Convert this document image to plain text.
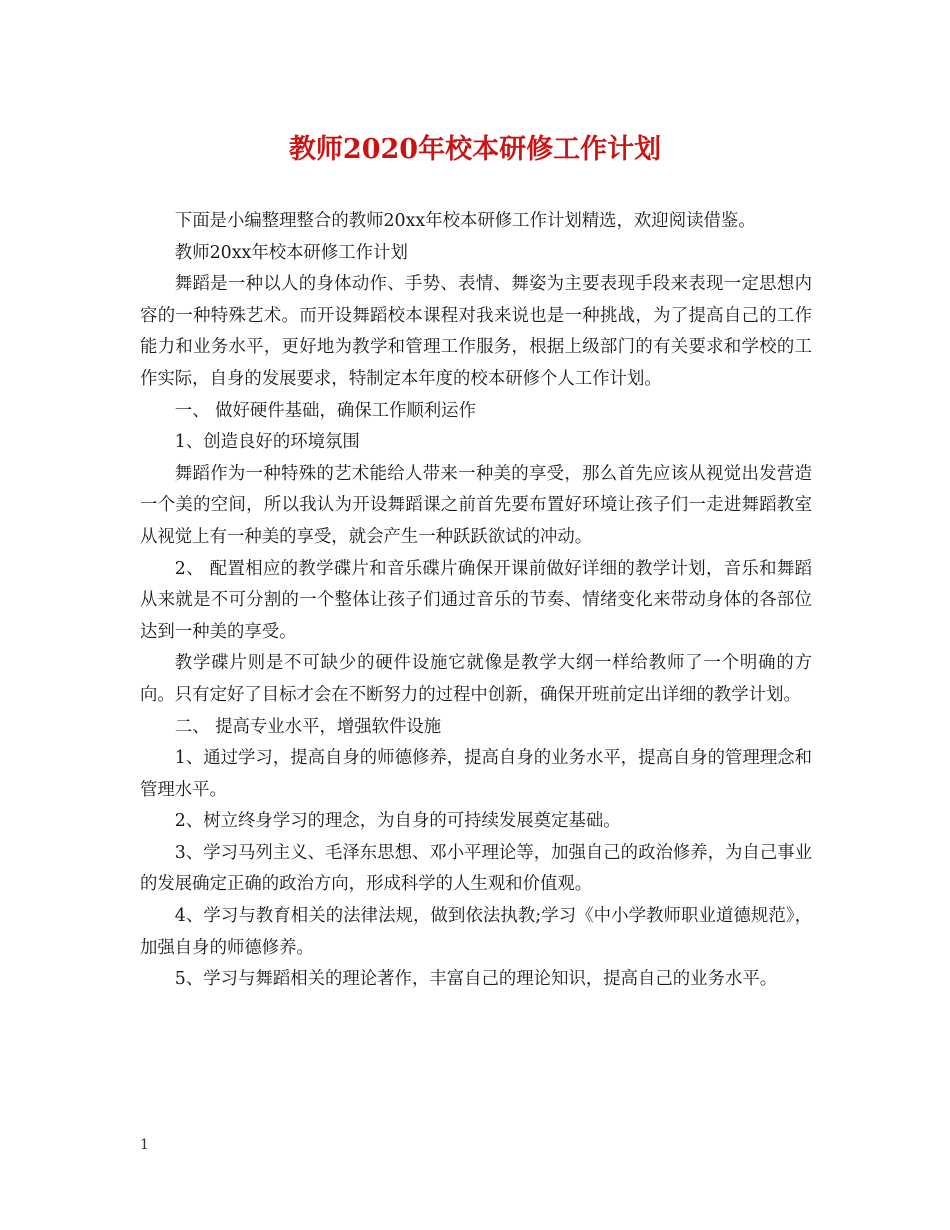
教师2020年校本研修工作计划

下面是小编整理整合的教师20xx年校本研修工作计划精选，欢迎阅读借鉴。

教师20xx年校本研修工作计划

舞蹈是一种以人的身体动作、手势、表情、舞姿为主要表现手段来表现一定思想内容的一种特殊艺术。而开设舞蹈校本课程对我来说也是一种挑战，为了提高自己的工作能力和业务水平，更好地为教学和管理工作服务，根据上级部门的有关要求和学校的工作实际，自身的发展要求，特制定本年度的校本研修个人工作计划。

一、 做好硬件基础，确保工作顺利运作

1、创造良好的环境氛围

舞蹈作为一种特殊的艺术能给人带来一种美的享受，那么首先应该从视觉出发营造一个美的空间，所以我认为开设舞蹈课之前首先要布置好环境让孩子们一走进舞蹈教室从视觉上有一种美的享受，就会产生一种跃跃欲试的冲动。

2、 配置相应的教学碟片和音乐碟片确保开课前做好详细的教学计划，音乐和舞蹈从来就是不可分割的一个整体让孩子们通过音乐的节奏、情绪变化来带动身体的各部位达到一种美的享受。

教学碟片则是不可缺少的硬件设施它就像是教学大纲一样给教师了一个明确的方向。只有定好了目标才会在不断努力的过程中创新，确保开班前定出详细的教学计划。

二、 提高专业水平，增强软件设施

1、通过学习，提高自身的师德修养，提高自身的业务水平，提高自身的管理理念和管理水平。

2、树立终身学习的理念，为自身的可持续发展奠定基础。

3、学习马列主义、毛泽东思想、邓小平理论等，加强自己的政治修养，为自己事业的发展确定正确的政治方向，形成科学的人生观和价值观。

4、学习与教育相关的法律法规，做到依法执教;学习《中小学教师职业道德规范》，加强自身的师德修养。

5、学习与舞蹈相关的理论著作，丰富自己的理论知识，提高自己的业务水平。

1
